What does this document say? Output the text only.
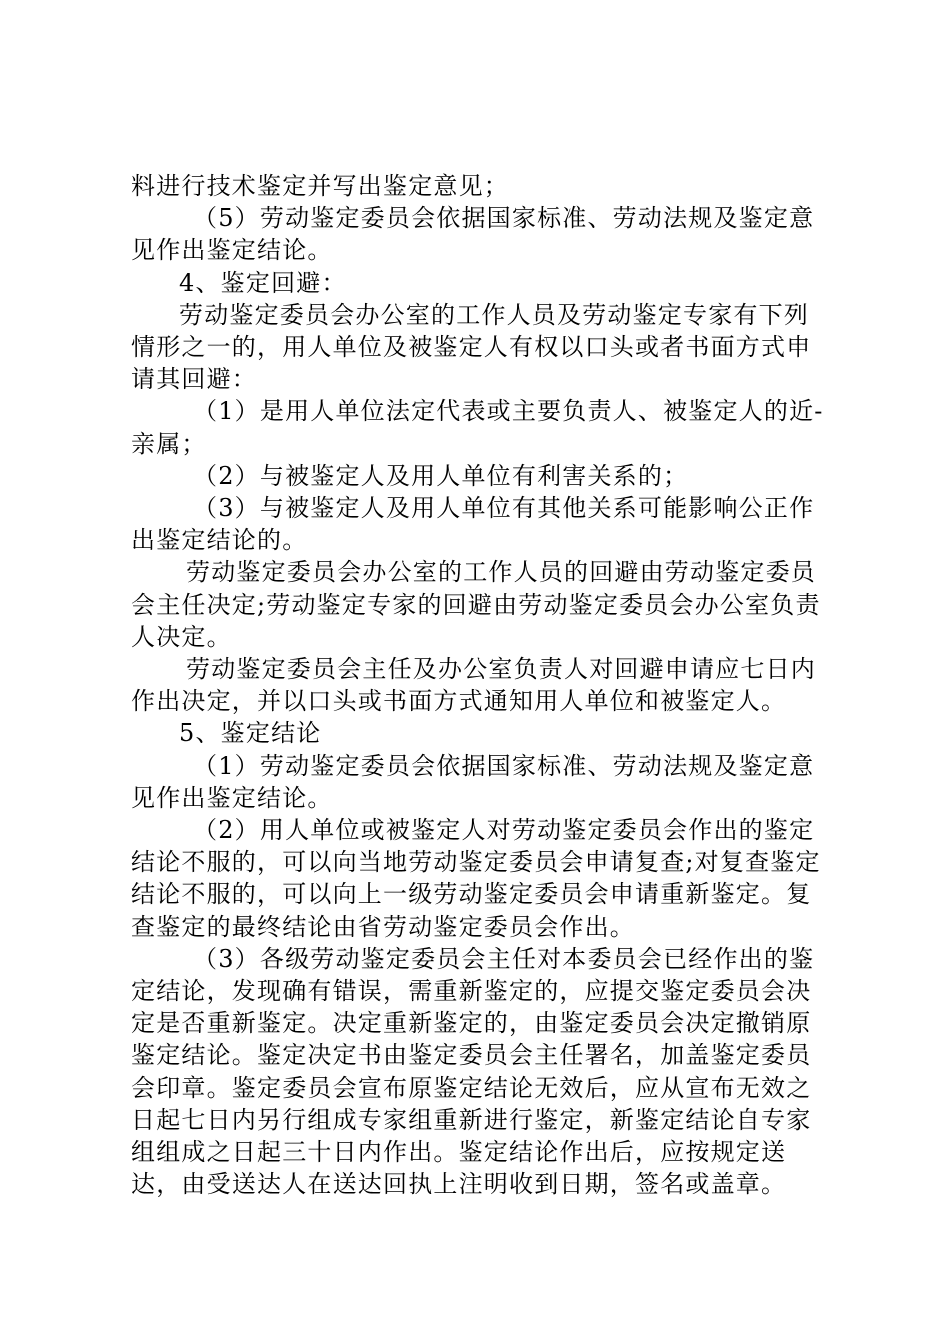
料进行技术鉴定并写出鉴定意见；

（5）劳动鉴定委员会依据国家标准、劳动法规及鉴定意见作出鉴定结论。

4、鉴定回避：

劳动鉴定委员会办公室的工作人员及劳动鉴定专家有下列情形之一的，用人单位及被鉴定人有权以口头或者书面方式申请其回避：

（1）是用人单位法定代表或主要负责人、被鉴定人的近-亲属；

（2）与被鉴定人及用人单位有利害关系的；

（3）与被鉴定人及用人单位有其他关系可能影响公正作出鉴定结论的。

劳动鉴定委员会办公室的工作人员的回避由劳动鉴定委员会主任决定;劳动鉴定专家的回避由劳动鉴定委员会办公室负责人决定。

劳动鉴定委员会主任及办公室负责人对回避申请应七日内作出决定，并以口头或书面方式通知用人单位和被鉴定人。

5、鉴定结论

（1）劳动鉴定委员会依据国家标准、劳动法规及鉴定意见作出鉴定结论。

（2）用人单位或被鉴定人对劳动鉴定委员会作出的鉴定结论不服的，可以向当地劳动鉴定委员会申请复查;对复查鉴定结论不服的，可以向上一级劳动鉴定委员会申请重新鉴定。复查鉴定的最终结论由省劳动鉴定委员会作出。

（3）各级劳动鉴定委员会主任对本委员会已经作出的鉴定结论，发现确有错误，需重新鉴定的，应提交鉴定委员会决定是否重新鉴定。决定重新鉴定的，由鉴定委员会决定撤销原鉴定结论。鉴定决定书由鉴定委员会主任署名，加盖鉴定委员会印章。鉴定委员会宣布原鉴定结论无效后，应从宣布无效之日起七日内另行组成专家组重新进行鉴定，新鉴定结论自专家组组成之日起三十日内作出。鉴定结论作出后，应按规定送达，由受送达人在送达回执上注明收到日期，签名或盖章。
